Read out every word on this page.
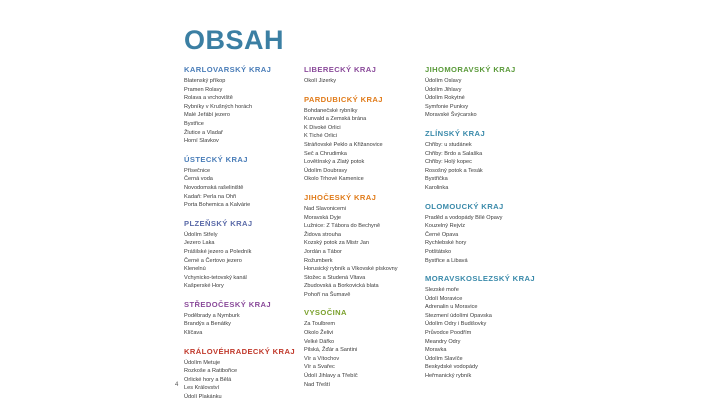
OBSAH
KARLOVARSKÝ KRAJ
Blatenský příkop
Pramen Rolavy
Rolava a vrchoviště
Rybníky v Krušných horách
Malé Jeřábí jezero
Bystřice
Žlutice a Vladař
Horní Slavkov
ÚSTECKÝ KRAJ
Přísečnice
Černá voda
Novodomská rašeliniště
Kadaň: Perla na Ohři
Porta Bohemica a Kalvárie
PLZEŇSKÝ KRAJ
Údolím Střely
Jezero Laka
Prášilské jezero a Poledník
Černé a Čertovo jezero
Klenelnú
Vchynicko-tetovský kanál
Kašperské Hory
STŘEDOČESKÝ KRAJ
Poděbrady a Nymburk
Brandýs a Benátky
Klíčava
KRÁLOVÉHRADECKÝ KRAJ
Údolím Metuje
Rozkoše a Ratibořice
Orlické hory a Bělá
Les Království
Údolí Plakánku
LIBERECKÝ KRAJ
Okolí Jizerky
PARDUBICKÝ KRAJ
Bohdanečské rybníky
Kunvald a Zemská brána
K Divoké Orlici
K Tiché Orlici
Stráňovské Peklo a Křižanovice
Seč a Chrudimka
Lovětínský a Zlatý potok
Údolím Doubravy
Okolo Trhové Kamenice
JIHOČESKÝ KRAJ
Nad Slavonicemi
Moravská Dyje
Lužnice: Z Tábora do Bechyně
Židova strouha
Kozský potok za Mistr Jan
Jordán a Tábor
Rožumberk
Horusický rybník a Vlkovské pískovny
Stožec a Studená Vltava
Zbudovská a Borkovická blata
Pohoří na Šumavě
VYSOČINA
Za Toulbrem
Okolo Želivi
Velké Dářko
Pilská, Žďár a Santini
Vír a Vítochov
Vír a Svařec
Údolí Jihlavy a Třebíč
Nad Třeští
JIHOMORAVSKÝ KRAJ
Údolím Oslavy
Údolím Jihlavy
Údolím Rokytné
Symfonie Punkvy
Moravské Švýcarsko
ZLÍNSKÝ KRAJ
Chřiby: u studánek
Chřiby: Brdo a Salaška
Chřiby: Holý kopec
Rosošný potok a Tesák
Bystřička
Karolinka
OLOMOUCKÝ KRAJ
Praděd a vodopády Bílé Opavy
Kouzelný Rejvíz
Černé Opava
Rychlebské hory
Potštátsko
Bystřice a Libavá
MORAVSKOSLEZSKÝ KRAJ
Slezské moře
Údolí Moravice
Adrenalin u Moravice
Stezmení údolími Opavska
Údolím Odry i Budišovky
Průvodce Poodřím
Meandry Odry
Moravka
Údolím Slavíče
Beskydské vodopády
Heřmanický rybník
4
